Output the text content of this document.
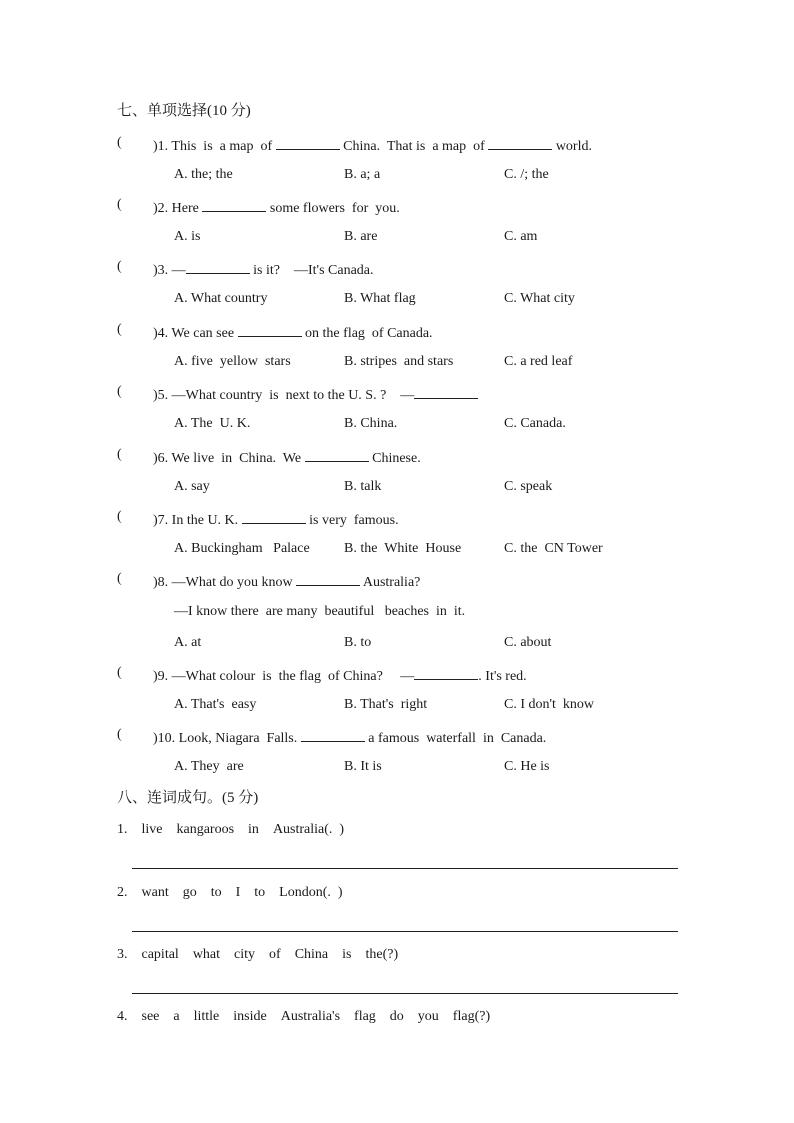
七、单项选择(10 分)
( )1. This  is  a map  of	China.  That is  a map  of	world.
A. the; the	B. a; a	C. /; the
( )2. Here	some flowers  for  you.
A. is	B. are	C. am
( )3. —	is it?    —It's Canada.
A. What country	B. What flag	C. What city
( )4. We can see	on the flag  of Canada.
A. five  yellow  stars	B. stripes  and stars	C. a red leaf
( )5. —What country  is  next to the U. S. ?    —
A. The  U. K.	B. China.	C. Canada.
( )6. We live  in  China.  We	Chinese.
A. say	B. talk	C. speak
( )7. In the U. K.	is very  famous.
A. Buckingham   Palace B. the  White  House	C. the  CN Tower
( )8. —What do you know	Australia?
—I know there  are many  beautiful   beaches  in  it.
A. at	B. to	C. about
( )9. —What colour  is  the flag  of China?     —	. It's red.
A. That's  easy	B. That's  right	C. I don't  know
( )10. Look, Niagara  Falls.	a famous  waterfall  in  Canada.
A. They  are	B. It is	C. He is
八、连词成句。(5 分)
1. live kangaroos in Australia(.  )
2. want go to I to London(.  )
3. capital what city of China is the(?)
4. see a little inside Australia's flag do you flag(?)
